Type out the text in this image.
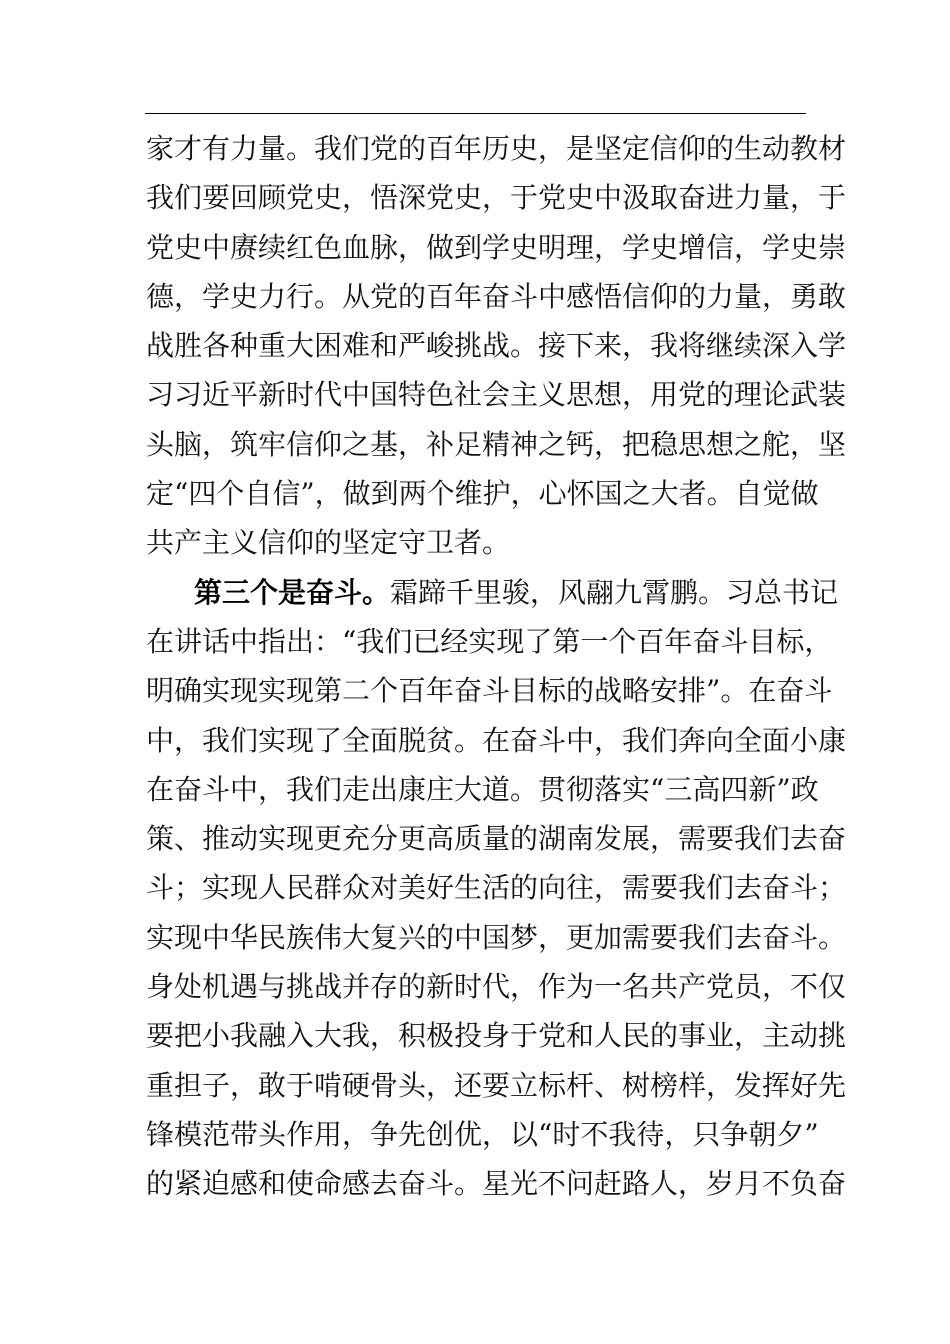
家才有力量。我们党的百年历史，是坚定信仰的生动教材
我们要回顾党史，悟深党史，于党史中汲取奋进力量，于
党史中赓续红色血脉，做到学史明理，学史增信，学史崇
德，学史力行。从党的百年奋斗中感悟信仰的力量，勇敢
战胜各种重大困难和严峻挑战。接下来，我将继续深入学
习习近平新时代中国特色社会主义思想，用党的理论武装
头脑，筑牢信仰之基，补足精神之钙，把稳思想之舵，坚
定“四个自信”，做到两个维护，心怀国之大者。自觉做
共产主义信仰的坚定守卫者。
第三个是奋斗。霜蹄千里骏，风翮九霄鹏。习总书记
在讲话中指出：“我们已经实现了第一个百年奋斗目标，
明确实现实现第二个百年奋斗目标的战略安排”。在奋斗
中，我们实现了全面脱贫。在奋斗中，我们奔向全面小康
在奋斗中，我们走出康庄大道。贯彻落实“三高四新”政
策、推动实现更充分更高质量的湖南发展，需要我们去奋
斗；实现人民群众对美好生活的向往，需要我们去奋斗；
实现中华民族伟大复兴的中国梦，更加需要我们去奋斗。
身处机遇与挑战并存的新时代，作为一名共产党员，不仅
要把小我融入大我，积极投身于党和人民的事业，主动挑
重担子，敢于啃硬骨头，还要立标杆、树榜样，发挥好先
锋模范带头作用，争先创优，以“时不我待，只争朝夕”
的紧迫感和使命感去奋斗。星光不问赶路人，岁月不负奋
